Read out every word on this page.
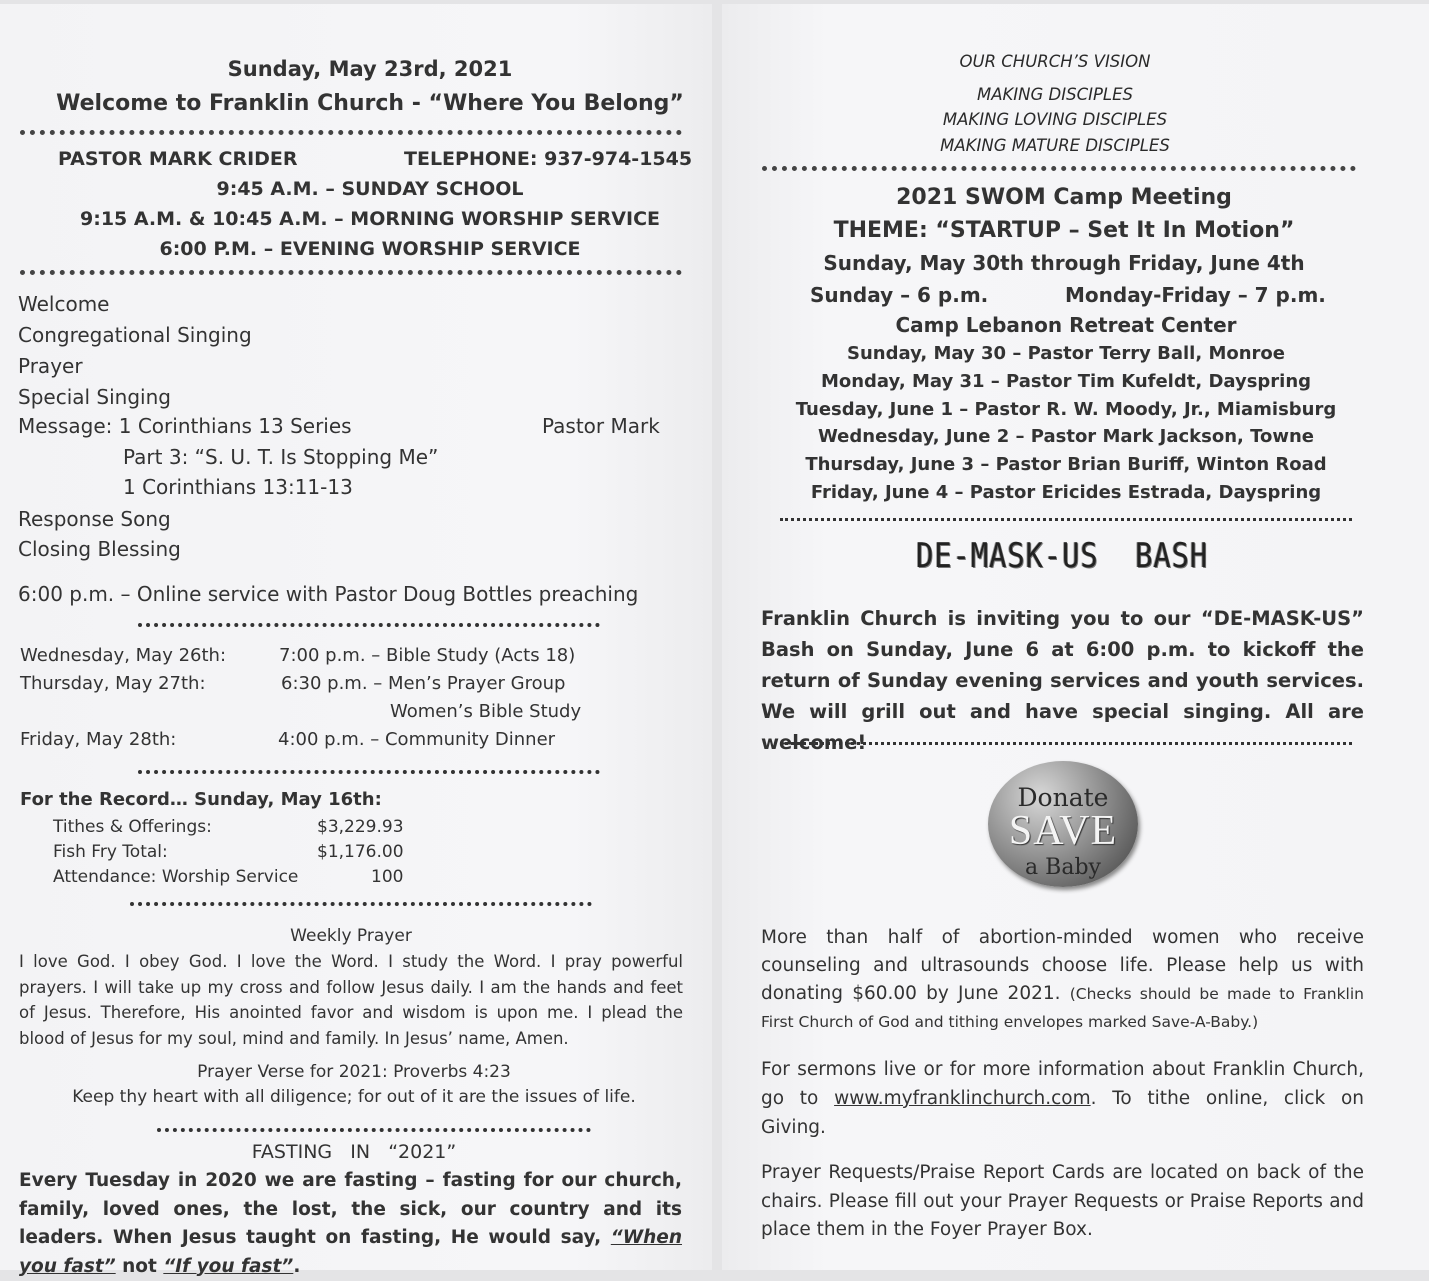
Sunday, May 23rd, 2021
Welcome to Franklin Church - “Where You Belong”
PASTOR MARK CRIDER	TELEPHONE: 937-974-1545
9:45 A.M. – SUNDAY SCHOOL
9:15 A.M. & 10:45 A.M. – MORNING WORSHIP SERVICE
6:00 P.M. – EVENING WORSHIP SERVICE
Welcome
Congregational Singing
Prayer
Special Singing
Message: 1 Corinthians 13 Series	Pastor Mark
Part 3: “S. U. T. Is Stopping Me”
1 Corinthians 13:11-13
Response Song
Closing Blessing
6:00 p.m. – Online service with Pastor Doug Bottles preaching
Wednesday, May 26th:	7:00 p.m. – Bible Study (Acts 18)
Thursday, May 27th:	6:30 p.m. – Men’s Prayer Group
Women’s Bible Study
Friday, May 28th:	4:00 p.m. – Community Dinner
For the Record… Sunday, May 16th:
Tithes & Offerings:	$3,229.93
Fish Fry Total:	$1,176.00
Attendance: Worship Service	100
Weekly Prayer
I love God. I obey God. I love the Word. I study the Word. I pray powerful prayers. I will take up my cross and follow Jesus daily. I am the hands and feet of Jesus. Therefore, His anointed favor and wisdom is upon me. I plead the blood of Jesus for my soul, mind and family. In Jesus’ name, Amen.
Prayer Verse for 2021: Proverbs 4:23
Keep thy heart with all diligence; for out of it are the issues of life.
FASTING   IN   “2021”
Every Tuesday in 2020 we are fasting – fasting for our church, family, loved ones, the lost, the sick, our country and its leaders. When Jesus taught on fasting, He would say, “When you fast” not “If you fast”.
OUR CHURCH’S VISION
MAKING DISCIPLES
MAKING LOVING DISCIPLES
MAKING MATURE DISCIPLES
2021 SWOM Camp Meeting
THEME: “STARTUP – Set It In Motion”
Sunday, May 30th through Friday, June 4th
Sunday – 6 p.m.	Monday-Friday – 7 p.m.
Camp Lebanon Retreat Center
Sunday, May 30 – Pastor Terry Ball, Monroe
Monday, May 31 – Pastor Tim Kufeldt, Dayspring
Tuesday, June 1 – Pastor R. W. Moody, Jr., Miamisburg
Wednesday, June 2 – Pastor Mark Jackson, Towne
Thursday, June 3 – Pastor Brian Buriff, Winton Road
Friday, June 4 – Pastor Ericides Estrada, Dayspring
DE-MASK-US  BASH
Franklin Church is inviting you to our “DE-MASK-US” Bash on Sunday, June 6 at 6:00 p.m. to kickoff the return of Sunday evening services and youth services. We will grill out and have special singing. All are welcome!
Donate
SAVE
a Baby
More than half of abortion-minded women who receive counseling and ultrasounds choose life. Please help us with donating $60.00 by June 2021. (Checks should be made to Franklin First Church of God and tithing envelopes marked Save-A-Baby.)
For sermons live or for more information about Franklin Church, go to www.myfranklinchurch.com. To tithe online, click on Giving.
Prayer Requests/Praise Report Cards are located on back of the chairs. Please fill out your Prayer Requests or Praise Reports and place them in the Foyer Prayer Box.
